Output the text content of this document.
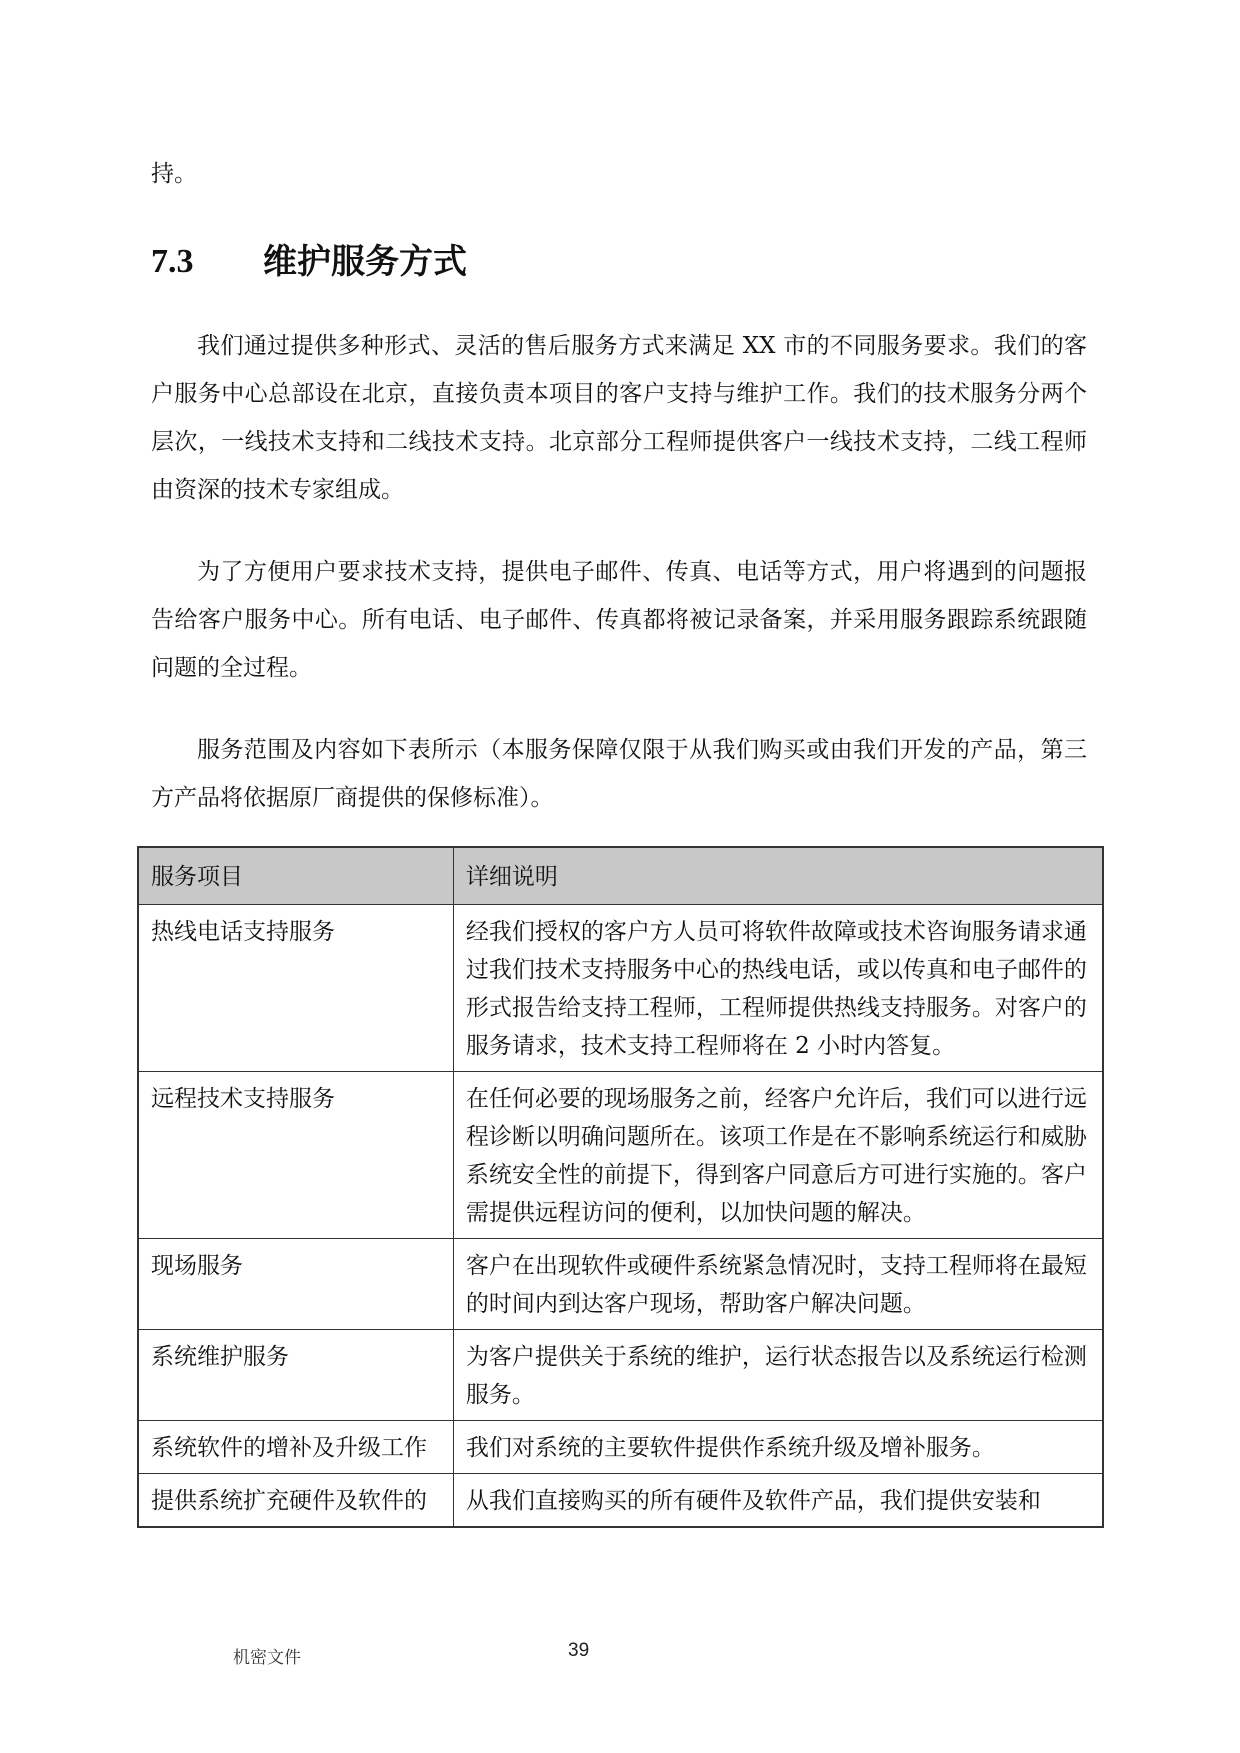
持。

7.3	维护服务方式

我们通过提供多种形式、灵活的售后服务方式来满足 XX 市的不同服务要求。我们的客户服务中心总部设在北京，直接负责本项目的客户支持与维护工作。我们的技术服务分两个层次，一线技术支持和二线技术支持。北京部分工程师提供客户一线技术支持，二线工程师由资深的技术专家组成。

为了方便用户要求技术支持，提供电子邮件、传真、电话等方式，用户将遇到的问题报告给客户服务中心。所有电话、电子邮件、传真都将被记录备案，并采用服务跟踪系统跟随问题的全过程。

服务范围及内容如下表所示（本服务保障仅限于从我们购买或由我们开发的产品，第三方产品将依据原厂商提供的保修标准）。

服务项目	详细说明
热线电话支持服务	经我们授权的客户方人员可将软件故障或技术咨询服务请求通过我们技术支持服务中心的热线电话，或以传真和电子邮件的形式报告给支持工程师，工程师提供热线支持服务。对客户的服务请求，技术支持工程师将在 2 小时内答复。
远程技术支持服务	在任何必要的现场服务之前，经客户允许后，我们可以进行远程诊断以明确问题所在。该项工作是在不影响系统运行和威胁系统安全性的前提下，得到客户同意后方可进行实施的。客户需提供远程访问的便利，以加快问题的解决。
现场服务	客户在出现软件或硬件系统紧急情况时，支持工程师将在最短的时间内到达客户现场，帮助客户解决问题。
系统维护服务	为客户提供关于系统的维护，运行状态报告以及系统运行检测服务。
系统软件的增补及升级工作	我们对系统的主要软件提供作系统升级及增补服务。
提供系统扩充硬件及软件的	从我们直接购买的所有硬件及软件产品，我们提供安装和
机密文件	39
